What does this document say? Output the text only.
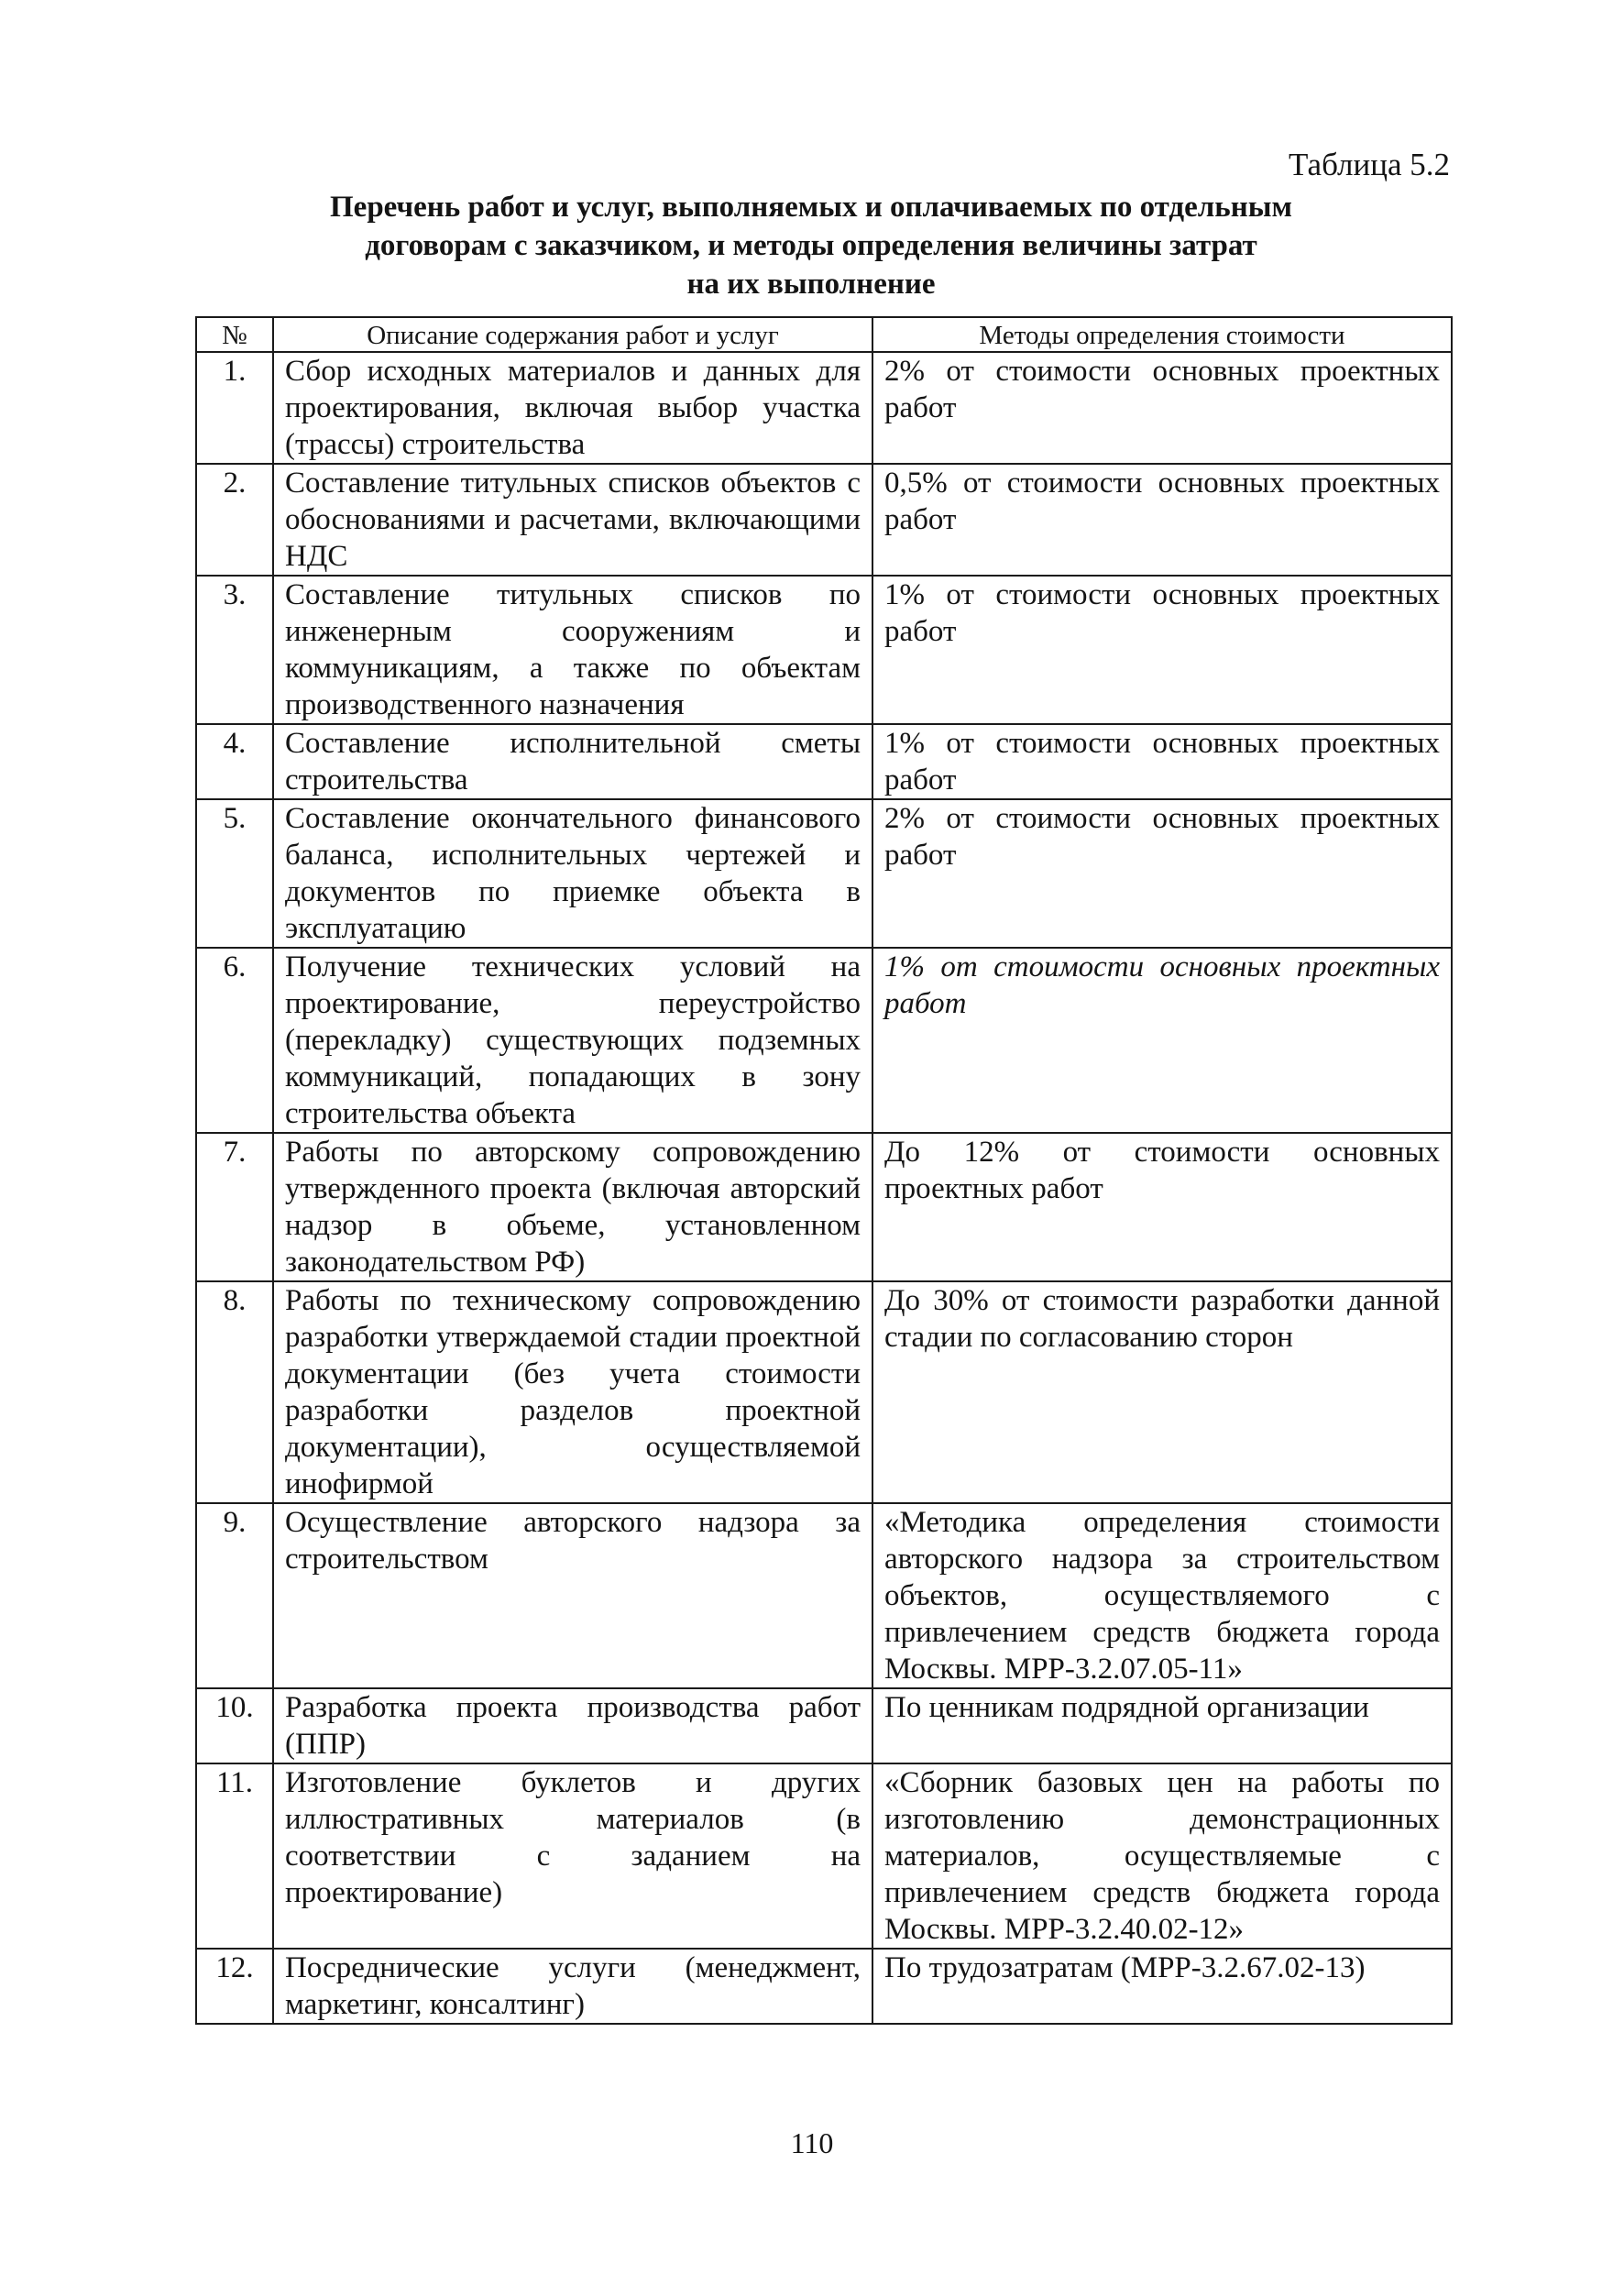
Таблица 5.2
Перечень работ и услуг, выполняемых и оплачиваемых по отдельным
договорам с заказчиком, и методы определения величины затрат
на их выполнение
№	Описание содержания работ и услуг	Методы определения стоимости
1.	Сбор исходных материалов и данных для проектирования, включая выбор участка (трассы) строительства	2% от стоимости основных проектных работ
2.	Составление титульных списков объектов с обоснованиями и расчетами, включающими НДС	0,5% от стоимости основных проектных работ
3.	Составление титульных списков по инженерным сооружениям и коммуникациям, а также по объектам производственного назначения	1% от стоимости основных проектных работ
4.	Составление исполнительной сметы строительства	1% от стоимости основных проектных работ
5.	Составление окончательного финансового баланса, исполнительных чертежей и документов по приемке объекта в эксплуатацию	2% от стоимости основных проектных работ
6.	Получение технических условий на проектирование, переустройство (перекладку) существующих подземных коммуникаций, попадающих в зону строительства объекта	1% от стоимости основных проектных работ
7.	Работы по авторскому сопровождению утвержденного проекта (включая авторский надзор в объеме, установленном законодательством РФ)	До 12% от стоимости основных проектных работ
8.	Работы по техническому сопровождению разработки утверждаемой стадии проектной документации (без учета стоимости разработки разделов проектной документации), осуществляемой инофирмой	До 30% от стоимости разработки данной стадии по согласованию сторон
9.	Осуществление авторского надзора за строительством	«Методика определения стоимости авторского надзора за строительством объектов, осуществляемого с привлечением средств бюджета города Москвы. МРР-3.2.07.05-11»
10.	Разработка проекта производства работ (ППР)	По ценникам подрядной организации
11.	Изготовление буклетов и других иллюстративных материалов (в соответствии с заданием на проектирование)	«Сборник базовых цен на работы по изготовлению демонстрационных материалов, осуществляемые с привлечением средств бюджета города Москвы. МРР-3.2.40.02-12»
12.	Посреднические услуги (менеджмент, маркетинг, консалтинг)	По трудозатратам (МРР-3.2.67.02-13)
110
